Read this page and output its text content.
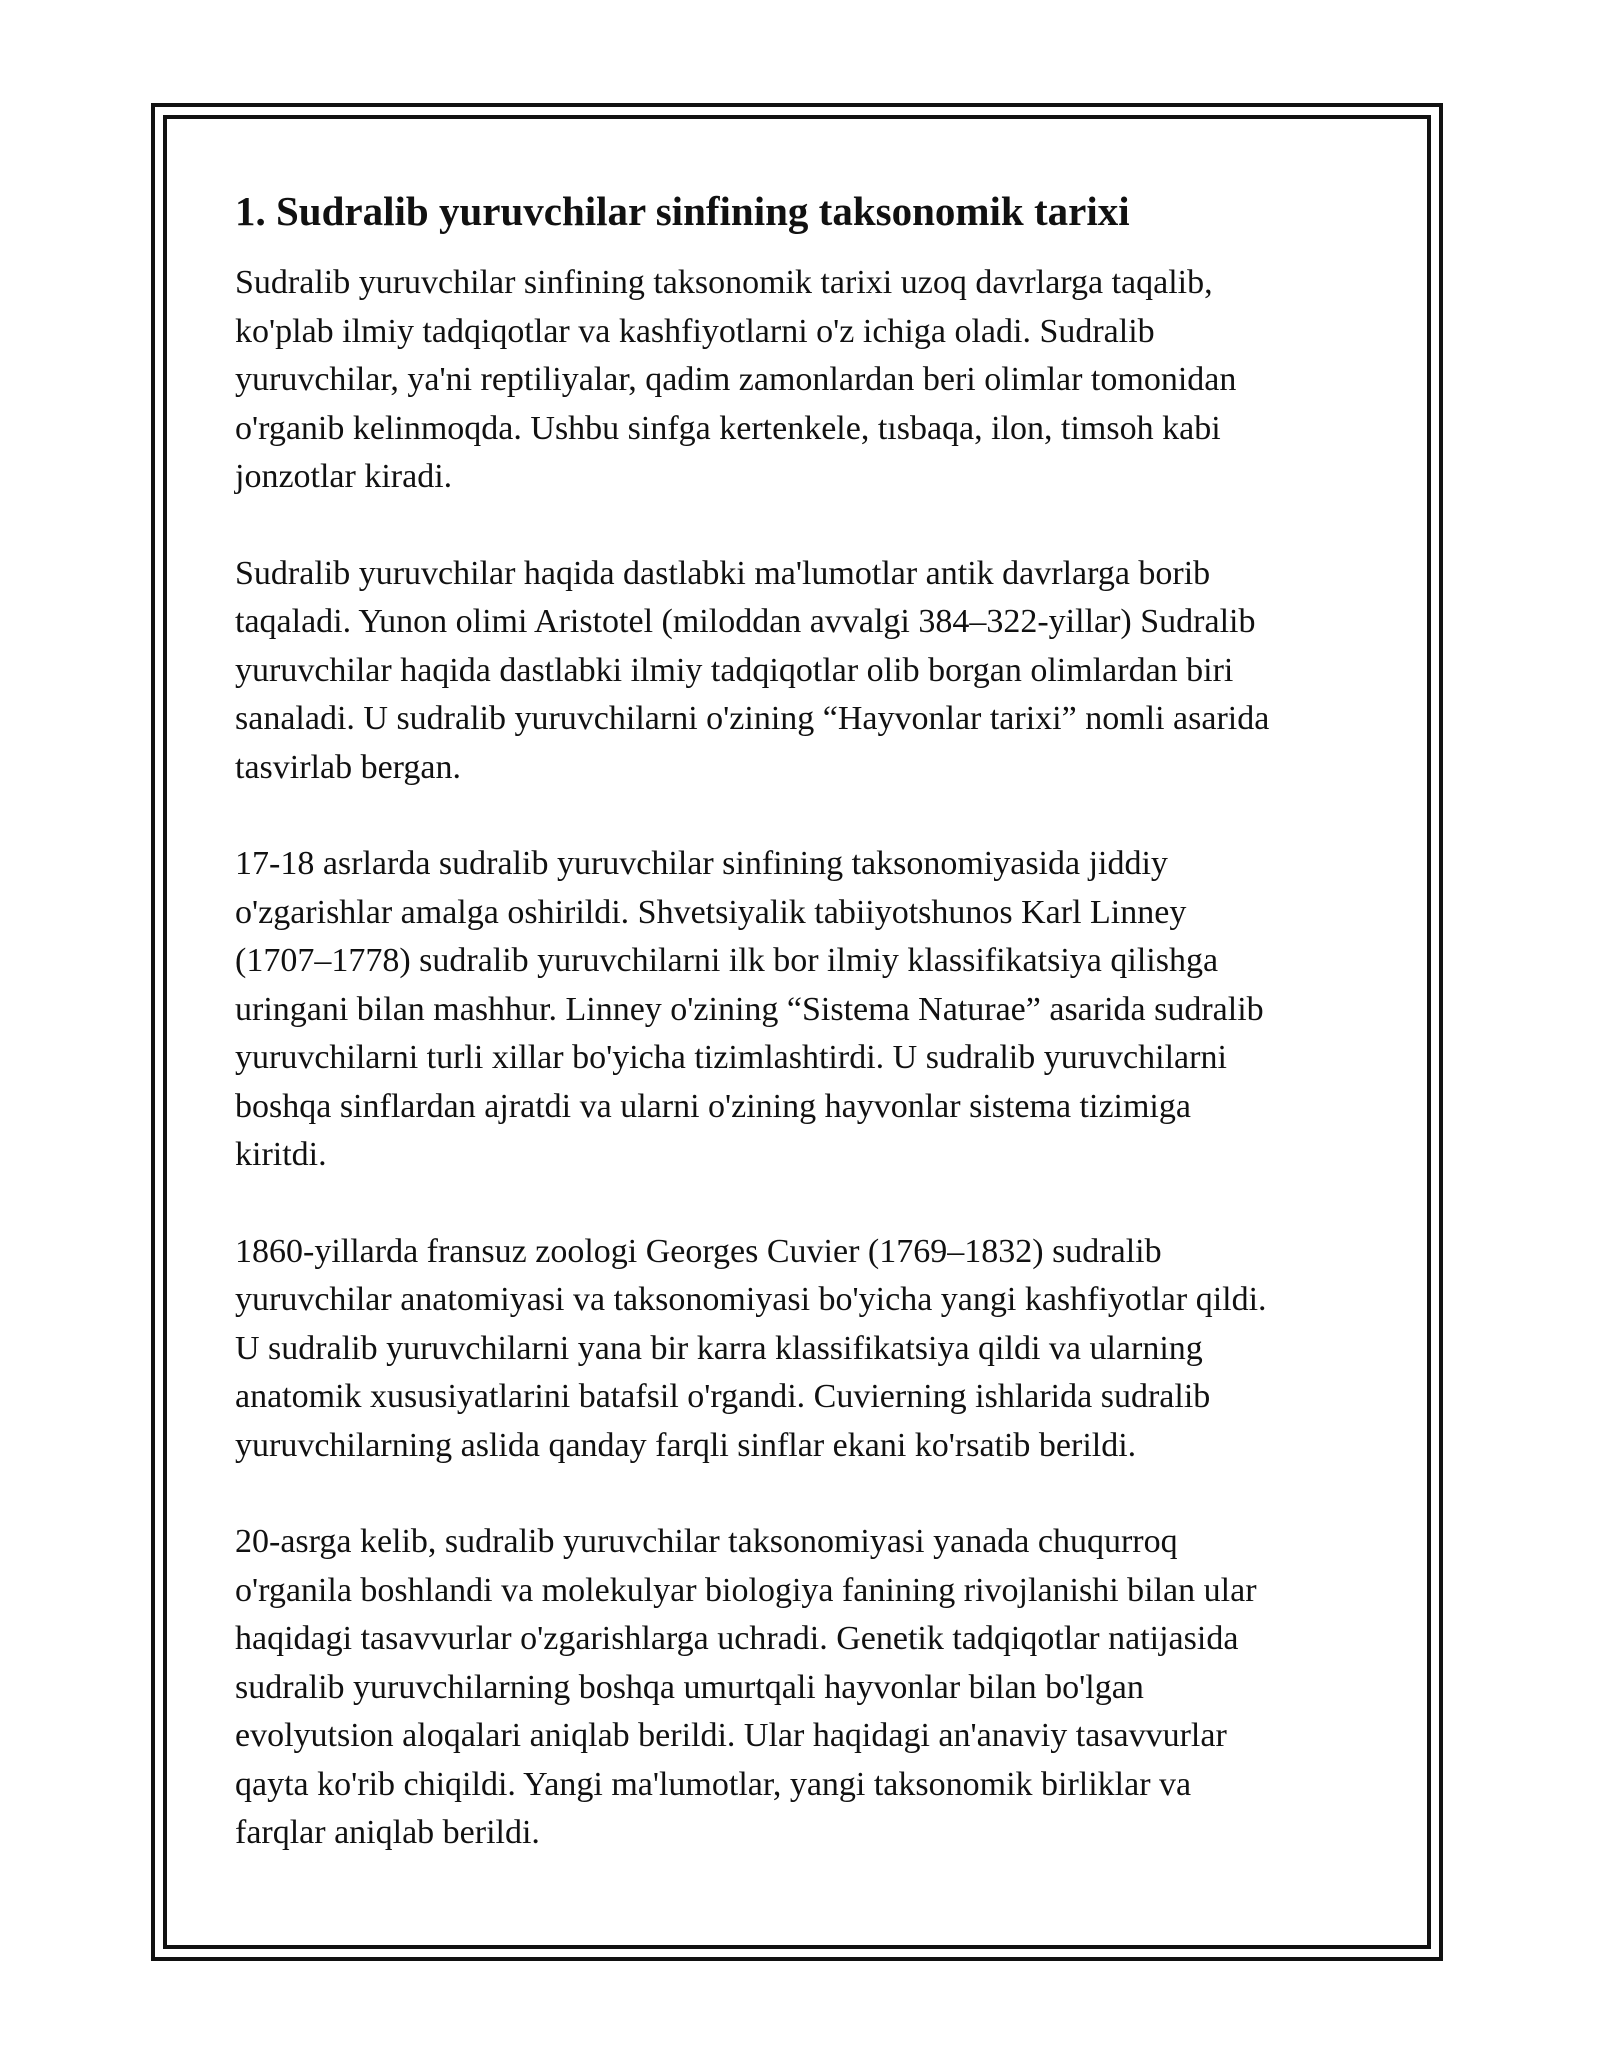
1. Sudralib yuruvchilar sinfining taksonomik tarixi

Sudralib yuruvchilar sinfining taksonomik tarixi uzoq davrlarga taqalib,
ko'plab ilmiy tadqiqotlar va kashfiyotlarni o'z ichiga oladi. Sudralib
yuruvchilar, ya'ni reptiliyalar, qadim zamonlardan beri olimlar tomonidan
o'rganib kelinmoqda. Ushbu sinfga kertenkele, tısbaqa, ilon, timsoh kabi
jonzotlar kiradi.

Sudralib yuruvchilar haqida dastlabki ma'lumotlar antik davrlarga borib
taqaladi. Yunon olimi Aristotel (miloddan avvalgi 384–322-yillar) Sudralib
yuruvchilar haqida dastlabki ilmiy tadqiqotlar olib borgan olimlardan biri
sanaladi. U sudralib yuruvchilarni o'zining “Hayvonlar tarixi” nomli asarida
tasvirlab bergan.

17-18 asrlarda sudralib yuruvchilar sinfining taksonomiyasida jiddiy
o'zgarishlar amalga oshirildi. Shvetsiyalik tabiiyotshunos Karl Linney
(1707–1778) sudralib yuruvchilarni ilk bor ilmiy klassifikatsiya qilishga
uringani bilan mashhur. Linney o'zining “Sistema Naturae” asarida sudralib
yuruvchilarni turli xillar bo'yicha tizimlashtirdi. U sudralib yuruvchilarni
boshqa sinflardan ajratdi va ularni o'zining hayvonlar sistema tizimiga
kiritdi.

1860-yillarda fransuz zoologi Georges Cuvier (1769–1832) sudralib
yuruvchilar anatomiyasi va taksonomiyasi bo'yicha yangi kashfiyotlar qildi.
U sudralib yuruvchilarni yana bir karra klassifikatsiya qildi va ularning
anatomik xususiyatlarini batafsil o'rgandi. Cuvierning ishlarida sudralib
yuruvchilarning aslida qanday farqli sinflar ekani ko'rsatib berildi.

20-asrga kelib, sudralib yuruvchilar taksonomiyasi yanada chuqurroq
o'rganila boshlandi va molekulyar biologiya fanining rivojlanishi bilan ular
haqidagi tasavvurlar o'zgarishlarga uchradi. Genetik tadqiqotlar natijasida
sudralib yuruvchilarning boshqa umurtqali hayvonlar bilan bo'lgan
evolyutsion aloqalari aniqlab berildi. Ular haqidagi an'anaviy tasavvurlar
qayta ko'rib chiqildi. Yangi ma'lumotlar, yangi taksonomik birliklar va
farqlar aniqlab berildi.
